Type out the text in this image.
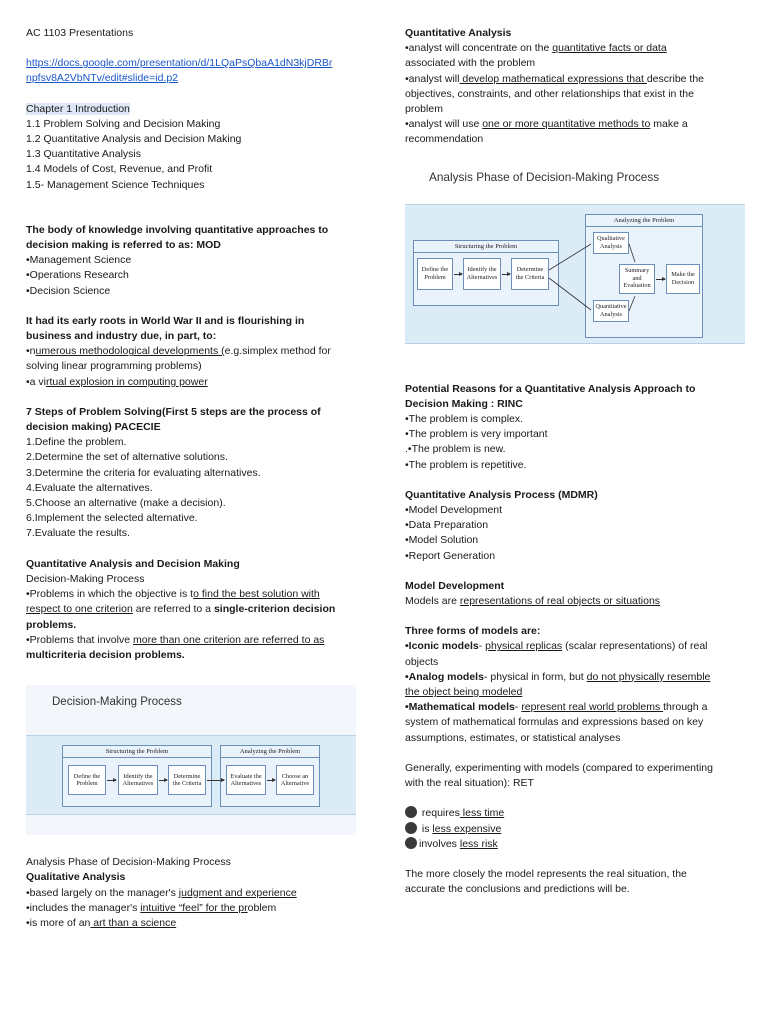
AC 1103 Presentations
https://docs.google.com/presentation/d/1LQaPsQbaA1dN3kjDRBr
npfsv8A2VbNTv/edit#slide=id.p2
Chapter 1 Introduction
1.1 Problem Solving and Decision Making
1.2 Quantitative Analysis and Decision Making
1.3 Quantitative Analysis
1.4 Models of Cost, Revenue, and Profit
1.5- Management Science Techniques
The body of knowledge involving quantitative approaches to
decision making is referred to as: MOD
•Management Science
•Operations Research
•Decision Science
It had its early roots in World War II and is flourishing in
business and industry due, in part, to:
•numerous methodological developments (e.g.simplex method for
solving linear programming problems)
•a virtual explosion in computing power
7 Steps of Problem Solving(First 5 steps are the process of
decision making) PACECIE
1.Define the problem.
2.Determine the set of alternative solutions.
3.Determine the criteria for evaluating alternatives.
4.Evaluate the alternatives.
5.Choose an alternative (make a decision).
6.Implement the selected alternative.
7.Evaluate the results.
Quantitative Analysis and Decision Making
Decision-Making Process
•Problems in which the objective is to find the best solution with
respect to one criterion are referred to a single-criterion decision
problems.
•Problems that involve more than one criterion are referred to as
multicriteria decision problems.
Decision-Making Process
Structuring the Problem	Analyzing the Problem
Define the Problem
Identify the Alternatives
Determine the Criteria
Evaluate the Alternatives
Choose an Alternative
Analysis Phase of Decision-Making Process
Qualitative Analysis
•based largely on the manager's judgment and experience
•includes the manager's intuitive “feel” for the problem
•is more of an art than a science
Quantitative Analysis
•analyst will concentrate on the quantitative facts or data
associated with the problem
•analyst will develop mathematical expressions that describe the
objectives, constraints, and other relationships that exist in the
problem
•analyst will use one or more quantitative methods to make a
recommendation
Analysis Phase of Decision-Making Process
Structuring the Problem
Analyzing the Problem
Define the Problem
Identify the Alternatives
Determine the Criteria
Qualitative Analysis
Quantitative Analysis
Summary and Evaluation
Make the Decision
Potential Reasons for a Quantitative Analysis Approach to
Decision Making : RINC
•The problem is complex.
•The problem is very important
.•The problem is new.
•The problem is repetitive.
Quantitative Analysis Process (MDMR)
•Model Development
•Data Preparation
•Model Solution
•Report Generation
Model Development
Models are representations of real objects or situations
Three forms of models are:
•Iconic models- physical replicas (scalar representations) of real
objects
•Analog models- physical in form, but do not physically resemble
the object being modeled
•Mathematical models- represent real world problems through a
system of mathematical formulas and expressions based on key
assumptions, estimates, or statistical analyses
Generally, experimenting with models (compared to experimenting
with the real situation): RET
requires less time
is less expensive
involves less risk
The more closely the model represents the real situation, the
accurate the conclusions and predictions will be.
